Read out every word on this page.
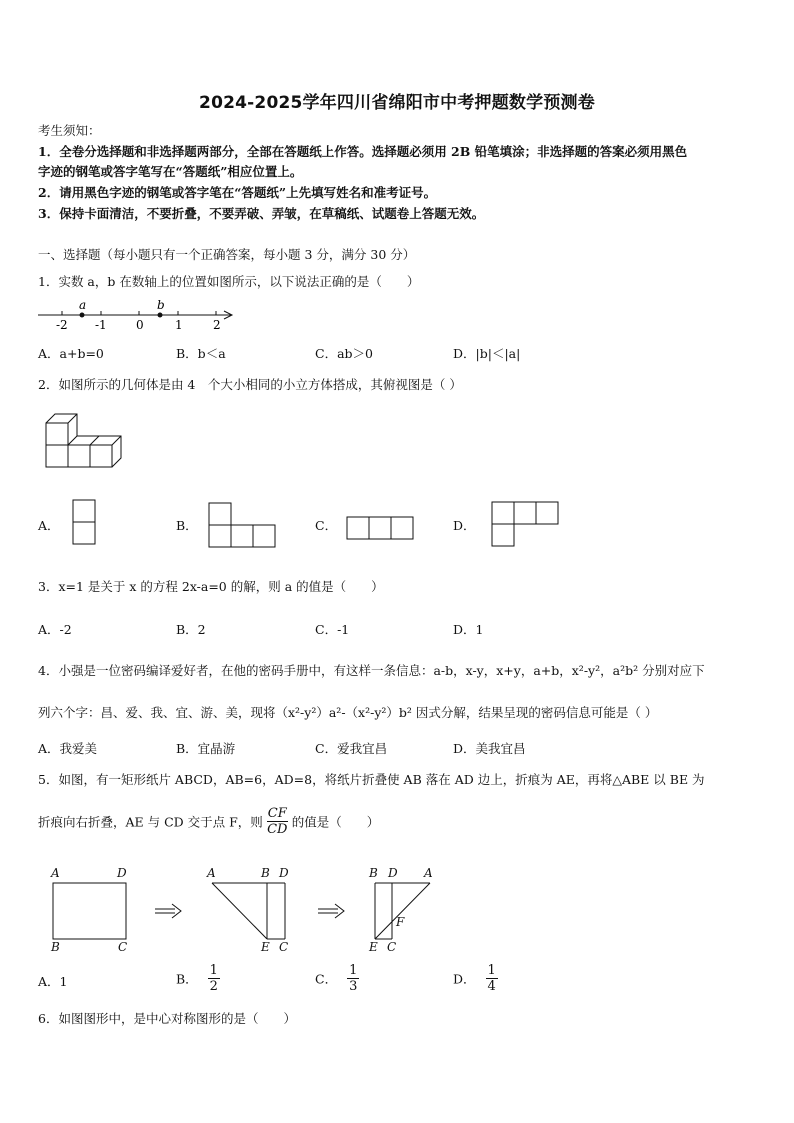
2024-2025学年四川省绵阳市中考押题数学预测卷
考生须知：
1．全卷分选择题和非选择题两部分，全部在答题纸上作答。选择题必须用 2B 铅笔填涂；非选择题的答案必须用黑色
字迹的钢笔或答字笔写在“答题纸”相应位置上。
2．请用黑色字迹的钢笔或答字笔在“答题纸”上先填写姓名和准考证号。
3．保持卡面清洁，不要折叠，不要弄破、弄皱，在草稿纸、试题卷上答题无效。
一、选择题（每小题只有一个正确答案，每小题 3 分，满分 30 分）
1．实数 a，b 在数轴上的位置如图所示，以下说法正确的是（　　）
a	b
-2 -1 0	1	2
A．a+b=0	B．b＜a	C．ab＞0	D．|b|＜|a|
2．如图所示的几何体是由 4　个大小相同的小立方体搭成，其俯视图是（ ）
A．	B．	C．	D．
3．x=1 是关于 x 的方程 2x-a=0 的解，则 a 的值是（　　）
A．-2	B．2	C．-1	D．1
4．小强是一位密码编译爱好者，在他的密码手册中，有这样一条信息：a-b，x-y，x+y，a+b，x²-y²，a²b² 分别对应下
列六个字：昌、爱、我、宜、游、美，现将（x²-y²）a²-（x²-y²）b² 因式分解，结果呈现的密码信息可能是（ ）
A．我爱美	B．宜晶游	C．爱我宜昌	D．美我宜昌
5．如图，有一矩形纸片 ABCD，AB=6，AD=8，将纸片折叠使 AB 落在 AD 边上，折痕为 AE，再将△ABE 以 BE 为
折痕向右折叠，AE 与 CD 交于点 F，则 $\frac{CF}{CD}$ 的值是（　　）
A	D
B	C
A	B D
E C
B D A
F
E C
A．1	B． $\frac{1}{2}$	C． $\frac{1}{3}$	D． $\frac{1}{4}$
6．如图图形中，是中心对称图形的是（　　）
